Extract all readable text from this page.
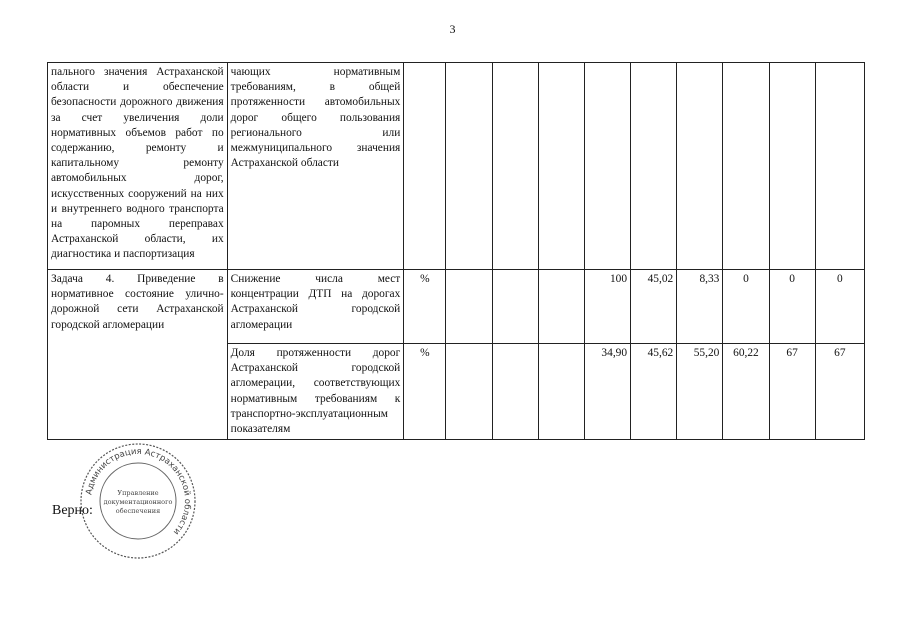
3
пального значения Астраханской области и обеспечение безопасности дорожного движения за счет увеличения доли нормативных объемов работ по содержанию, ремонту и капитальному ремонту автомобильных дорог, искусственных сооружений на них и внутреннего водного транспорта на паромных переправах Астраханской области, их диагностика и паспортизация	чающих нормативным требованиям, в общей протяженности автомобильных дорог общего пользования регионального или межмуниципального значения Астраханской области										
Задача 4. Приведение в нормативное состояние улично-дорожной сети Астраханской городской агломерации	Снижение числа мест концентрации ДТП на дорогах Астраханской городской агломерации	%				100	45,02	8,33	0	0	0
	Доля протяженности дорог Астраханской городской агломерации, соответствующих нормативным требованиям к транспортно-эксплуатационным показателям	%				34,90	45,62	55,20	60,22	67	67
Администрация Астраханской области
Управление
документационного
обеспечения
Верно:
